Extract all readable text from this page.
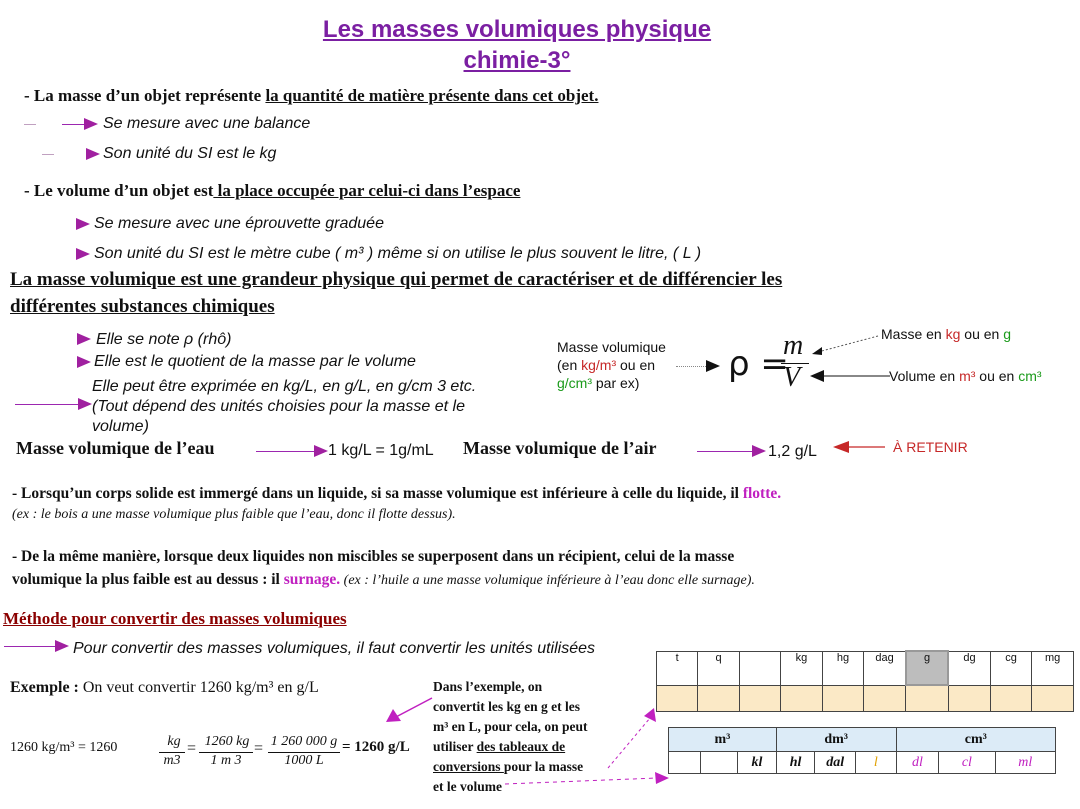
Les masses volumiques physique
chimie-3°
- La masse d’un objet représente la quantité de matière présente dans cet objet.
Se mesure avec une balance
Son unité du SI est le kg
- Le volume d’un objet est la place occupée par celui-ci dans l’espace
Se mesure avec une éprouvette graduée
Son unité du SI est le mètre cube ( m³ ) même si on utilise le plus souvent le litre, ( L )
La masse volumique est une grandeur physique qui permet de caractériser et de différencier les
différentes substances chimiques
Elle se note ρ (rhô)
Elle est le quotient de la masse par le volume
Elle peut être exprimée en kg/L, en g/L, en g/cm 3 etc.
(Tout dépend des unités choisies pour la masse et le
volume)
Masse volumique
(en kg/m³ ou en
g/cm³ par ex)	ρ =
m
V
Masse en kg ou en g
Volume en m³ ou en cm³
Masse volumique de l’eau	1 kg/L = 1g/mL Masse volumique de l’air	1,2 g/L	À RETENIR
- Lorsqu’un corps solide est immergé dans un liquide, si sa masse volumique est inférieure à celle du liquide, il flotte.
(ex : le bois a une masse volumique plus faible que l’eau, donc il flotte dessus).
- De la même manière, lorsque deux liquides non miscibles se superposent dans un récipient, celui de la masse
volumique la plus faible est au dessus : il surnage. (ex : l’huile a une masse volumique inférieure à l’eau donc elle surnage).
Méthode pour convertir des masses volumiques
Pour convertir des masses volumiques, il faut convertir les unités utilisées
Exemple : On veut convertir 1260 kg/m³ en g/L
1260 kg/m³ = 1260	kg
m3
= 1260 kg
1 m 3
= 1 260 000 g
1000 L
= 1260 g/L
Dans l’exemple, on
convertit les kg en g et les
m³ en L, pour cela, on peut
utiliser des tableaux de
conversions pour la masse
et le volume
t	q		kg	hg	dag	g	dg	cg	mg

m³			dm³			cm³		
		kl	hl	dal	l	dl	cl	ml
